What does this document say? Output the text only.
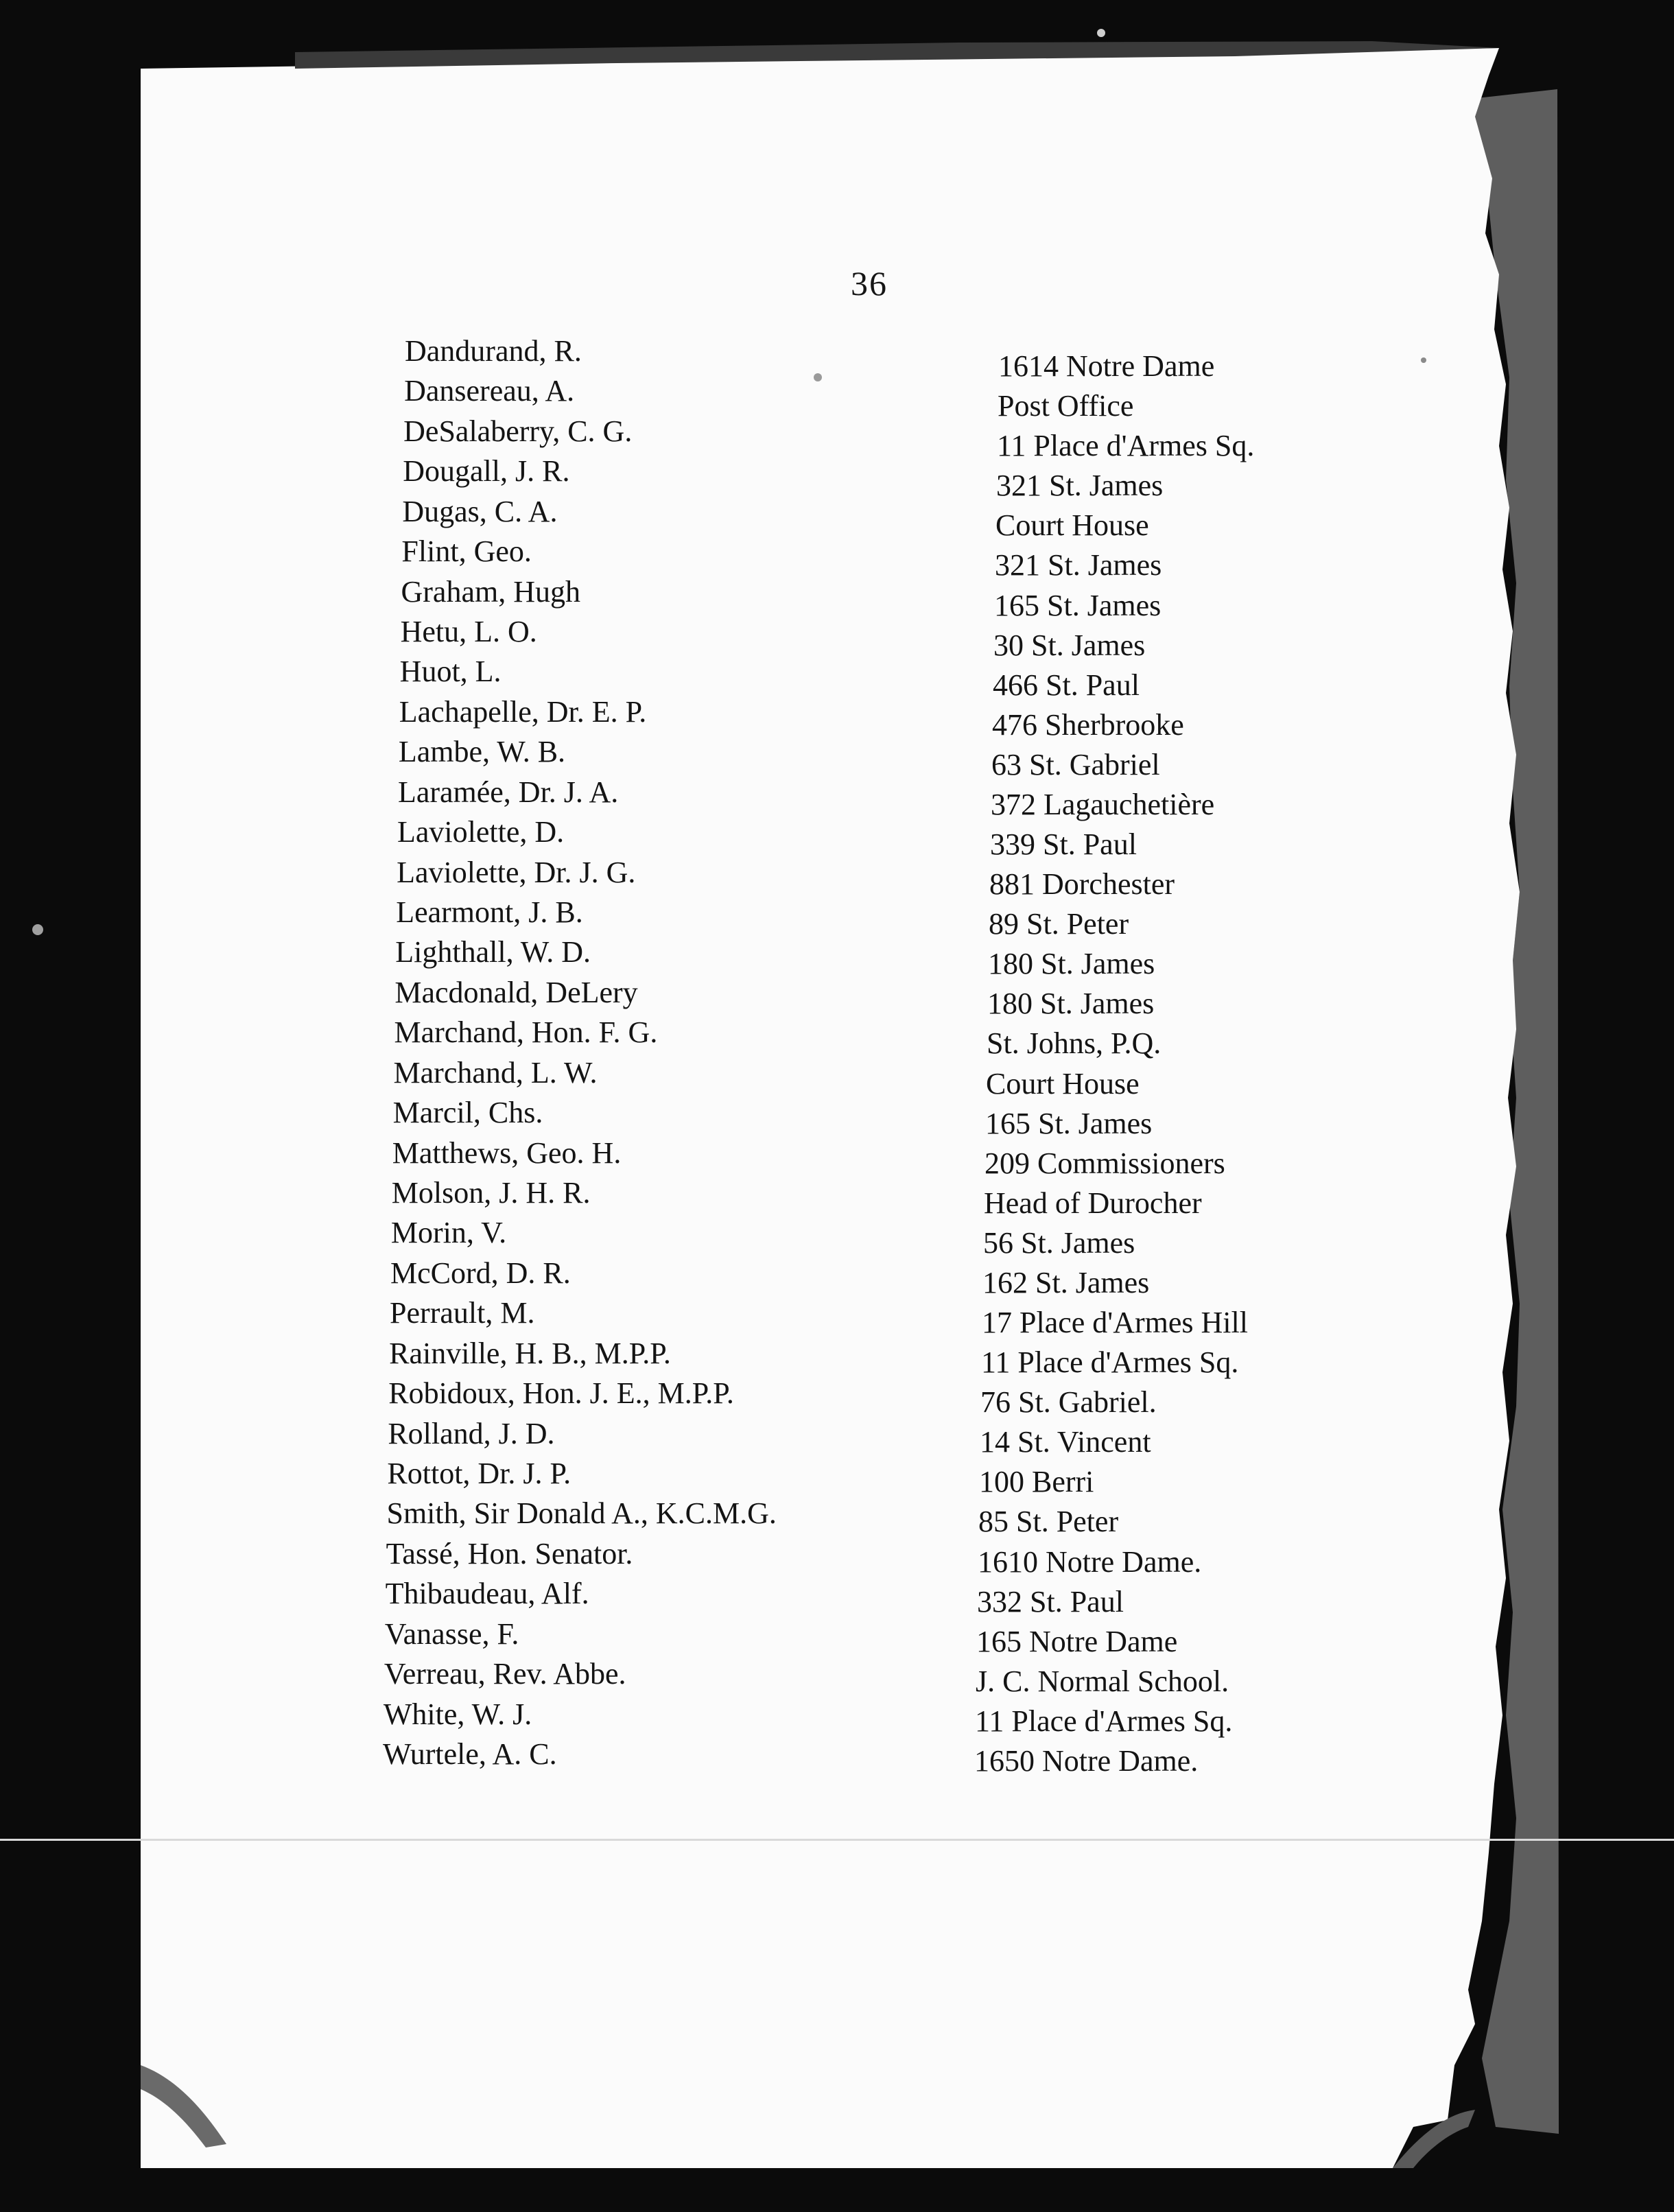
36
Dandurand, R.
Dansereau, A.
DeSalaberry, C. G.
Dougall, J. R.
Dugas, C. A.
Flint, Geo.
Graham, Hugh
Hetu, L. O.
Huot, L.
Lachapelle, Dr. E. P.
Lambe, W. B.
Laramée, Dr. J. A.
Laviolette, D.
Laviolette, Dr. J. G.
Learmont, J. B.
Lighthall, W. D.
Macdonald, DeLery
Marchand, Hon. F. G.
Marchand, L. W.
Marcil, Chs.
Matthews, Geo. H.
Molson, J. H. R.
Morin, V.
McCord, D. R.
Perrault, M.
Rainville, H. B., M.P.P.
Robidoux, Hon. J. E., M.P.P.
Rolland, J. D.
Rottot, Dr. J. P.
Smith, Sir Donald A., K.C.M.G.
Tassé, Hon. Senator.
Thibaudeau, Alf.
Vanasse, F.
Verreau, Rev. Abbe.
White, W. J.
Wurtele, A. C.
1614 Notre Dame
Post Office
11 Place d'Armes Sq.
321 St. James
Court House
321 St. James
165 St. James
30 St. James
466 St. Paul
476 Sherbrooke
63 St. Gabriel
372 Lagauchetière
339 St. Paul
881 Dorchester
89 St. Peter
180 St. James
180 St. James
St. Johns, P.Q.
Court House
165 St. James
209 Commissioners
Head of Durocher
56 St. James
162 St. James
17 Place d'Armes Hill
11 Place d'Armes Sq.
76 St. Gabriel.
14 St. Vincent
100 Berri
85 St. Peter
1610 Notre Dame.
332 St. Paul
165 Notre Dame
J. C. Normal School.
11 Place d'Armes Sq.
1650 Notre Dame.
